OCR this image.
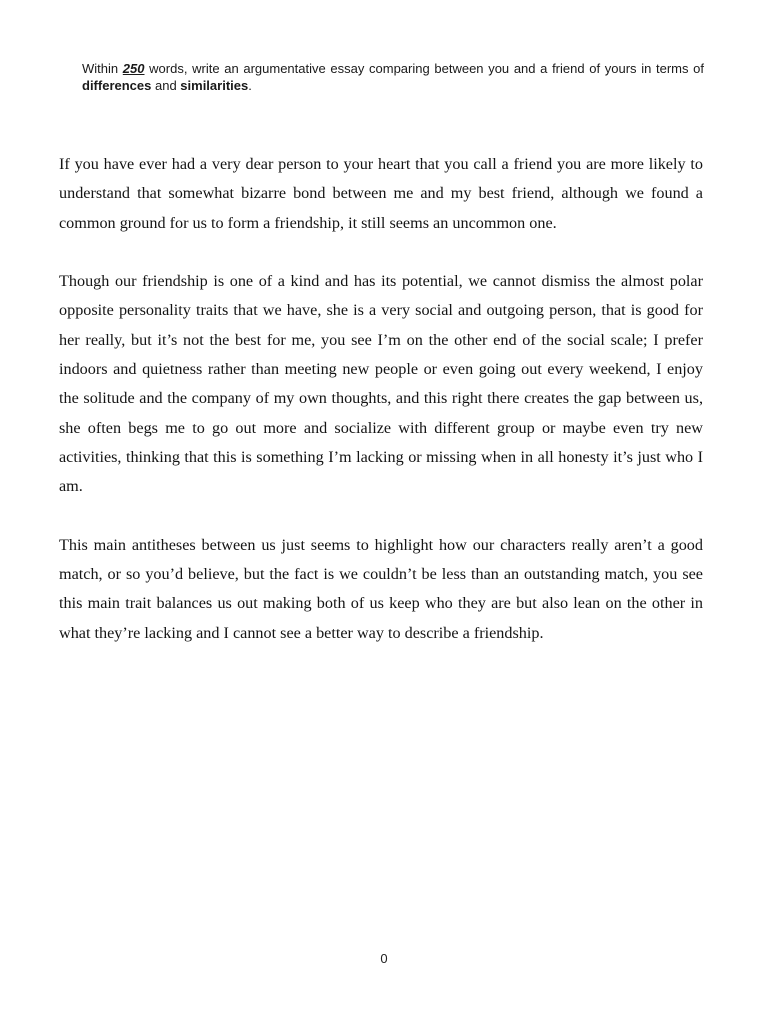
Within 250 words, write an argumentative essay comparing between you and a friend of yours in terms of differences and similarities.

If you have ever had a very dear person to your heart that you call a friend you are more likely to understand that somewhat bizarre bond between me and my best friend, although we found a common ground for us to form a friendship, it still seems an uncommon one.

Though our friendship is one of a kind and has its potential, we cannot dismiss the almost polar opposite personality traits that we have, she is a very social and outgoing person, that is good for her really, but it’s not the best for me, you see I’m on the other end of the social scale; I prefer indoors and quietness rather than meeting new people or even going out every weekend, I enjoy the solitude and the company of my own thoughts, and this right there creates the gap between us, she often begs me to go out more and socialize with different group or maybe even try new activities, thinking that this is something I’m lacking or missing when in all honesty it’s just who I am.

This main antitheses between us just seems to highlight how our characters really aren’t a good match, or so you’d believe, but the fact is we couldn’t be less than an outstanding match, you see this main trait balances us out making both of us keep who they are but also lean on the other in what they’re lacking and I cannot see a better way to describe a friendship.

0
